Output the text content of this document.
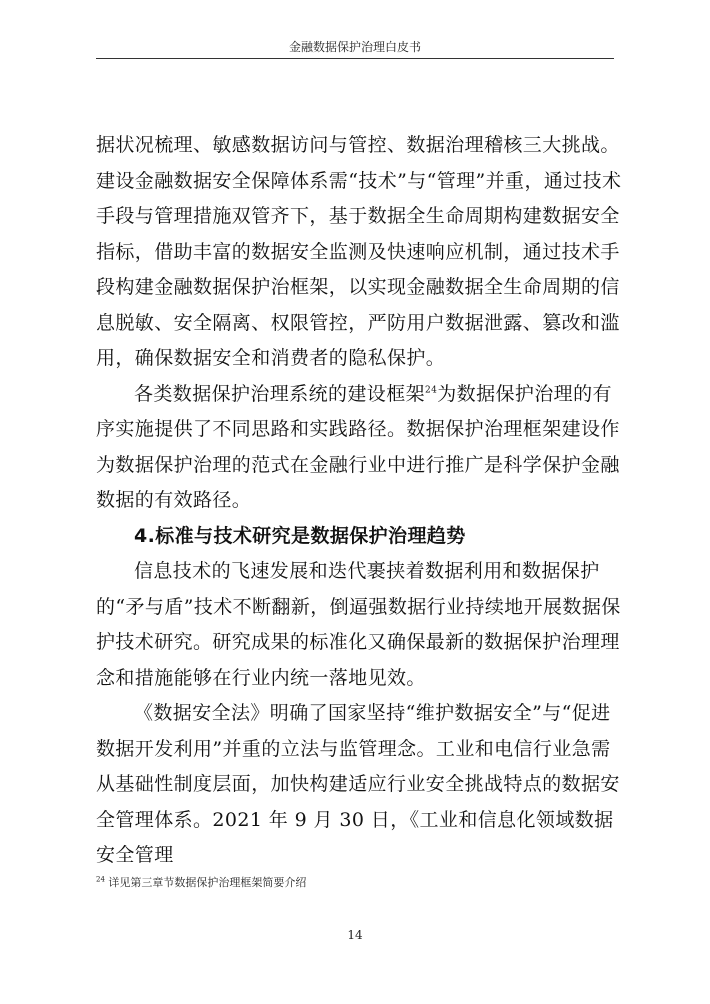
金融数据保护治理白皮书

据状况梳理、敏感数据访问与管控、数据治理稽核三大挑战。建设金融数据安全保障体系需“技术”与“管理”并重，通过技术手段与管理措施双管齐下，基于数据全生命周期构建数据安全指标，借助丰富的数据安全监测及快速响应机制，通过技术手段构建金融数据保护治框架，以实现金融数据全生命周期的信息脱敏、安全隔离、权限管控，严防用户数据泄露、篡改和滥用，确保数据安全和消费者的隐私保护。

各类数据保护治理系统的建设框架$^{24}$为数据保护治理的有序实施提供了不同思路和实践路径。数据保护治理框架建设作为数据保护治理的范式在金融行业中进行推广是科学保护金融数据的有效路径。

4.标准与技术研究是数据保护治理趋势

信息技术的飞速发展和迭代裹挟着数据利用和数据保护的“矛与盾”技术不断翻新，倒逼强数据行业持续地开展数据保护技术研究。研究成果的标准化又确保最新的数据保护治理理念和措施能够在行业内统一落地见效。

《数据安全法》明确了国家坚持“维护数据安全”与“促进数据开发利用”并重的立法与监管理念。工业和电信行业急需从基础性制度层面，加快构建适应行业安全挑战特点的数据安全管理体系。2021 年 9 月 30 日，《工业和信息化领域数据安全管理

$^{24}$ 详见第三章节数据保护治理框架简要介绍
14
